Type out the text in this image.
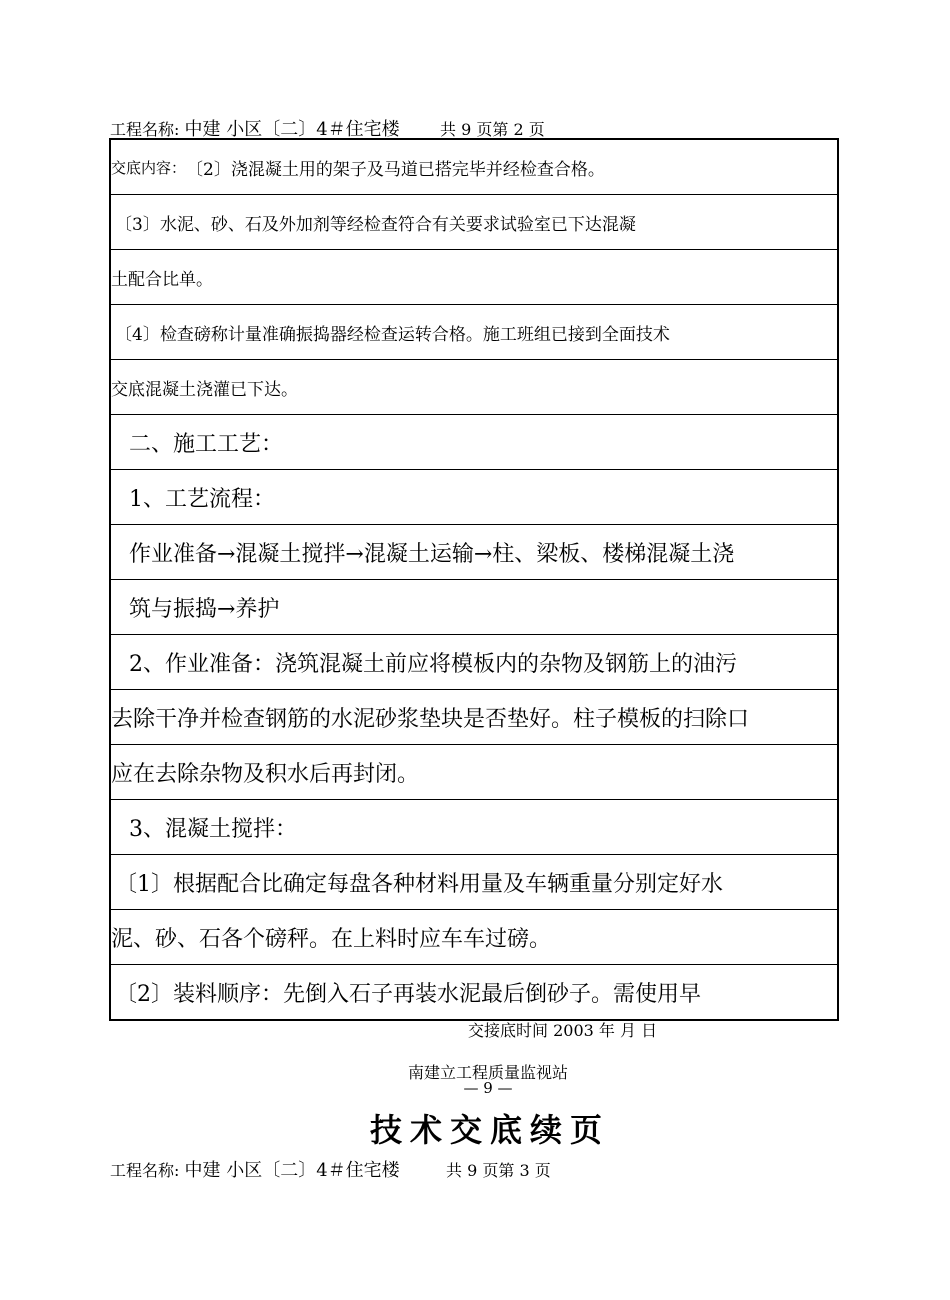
工程名称: 中建 小区〔二〕4＃住宅楼	共 9 页第 2 页
交底内容： 〔2〕浇混凝土用的架子及马道已搭完毕并经检查合格。
〔3〕水泥、砂、石及外加剂等经检查符合有关要求试验室已下达混凝
土配合比单。
〔4〕检查磅称计量准确振捣器经检查运转合格。施工班组已接到全面技术
交底混凝土浇灌已下达。
二、施工工艺：
1、工艺流程：
作业准备→混凝土搅拌→混凝土运输→柱、梁板、楼梯混凝土浇
筑与振捣→养护
2、作业准备：浇筑混凝土前应将模板内的杂物及钢筋上的油污
去除干净并检查钢筋的水泥砂浆垫块是否垫好。柱子模板的扫除口
应在去除杂物及积水后再封闭。
3、混凝土搅拌：
〔1〕根据配合比确定每盘各种材料用量及车辆重量分别定好水
泥、砂、石各个磅秤。在上料时应车车过磅。
〔2〕装料顺序：先倒入石子再装水泥最后倒砂子。需使用早
交接底时间 2003 年 月 日
南建立工程质量监视站
— 9 —
技术交底续页
工程名称: 中建 小区〔二〕4＃住宅楼	共 9 页第 3 页
